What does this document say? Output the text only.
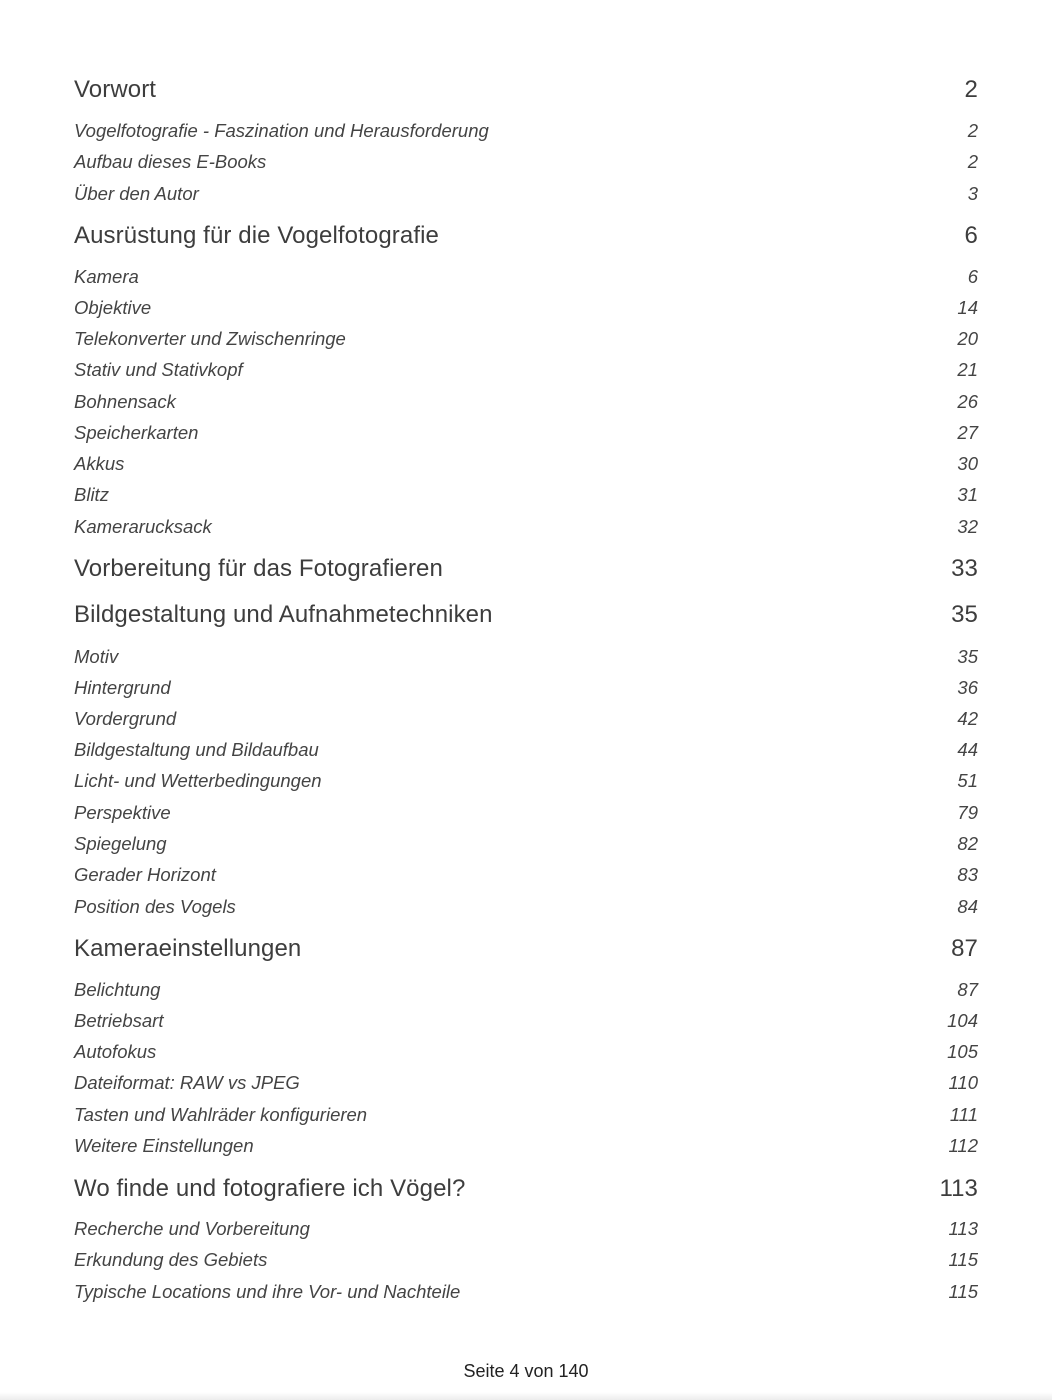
Vorwort	2
Vogelfotografie - Faszination und Herausforderung	2
Aufbau dieses E-Books	2
Über den Autor	3
Ausrüstung für die Vogelfotografie	6
Kamera	6
Objektive	14
Telekonverter und Zwischenringe	20
Stativ und Stativkopf	21
Bohnensack	26
Speicherkarten	27
Akkus	30
Blitz	31
Kamerarucksack	32
Vorbereitung für das Fotografieren	33
Bildgestaltung und Aufnahmetechniken	35
Motiv	35
Hintergrund	36
Vordergrund	42
Bildgestaltung und Bildaufbau	44
Licht- und Wetterbedingungen	51
Perspektive	79
Spiegelung	82
Gerader Horizont	83
Position des Vogels	84
Kameraeinstellungen	87
Belichtung	87
Betriebsart	104
Autofokus	105
Dateiformat: RAW vs JPEG	110
Tasten und Wahlräder konfigurieren	111
Weitere Einstellungen	112
Wo finde und fotografiere ich Vögel?	113
Recherche und Vorbereitung	113
Erkundung des Gebiets	115
Typische Locations und ihre Vor- und Nachteile	115
Seite 4 von 140
